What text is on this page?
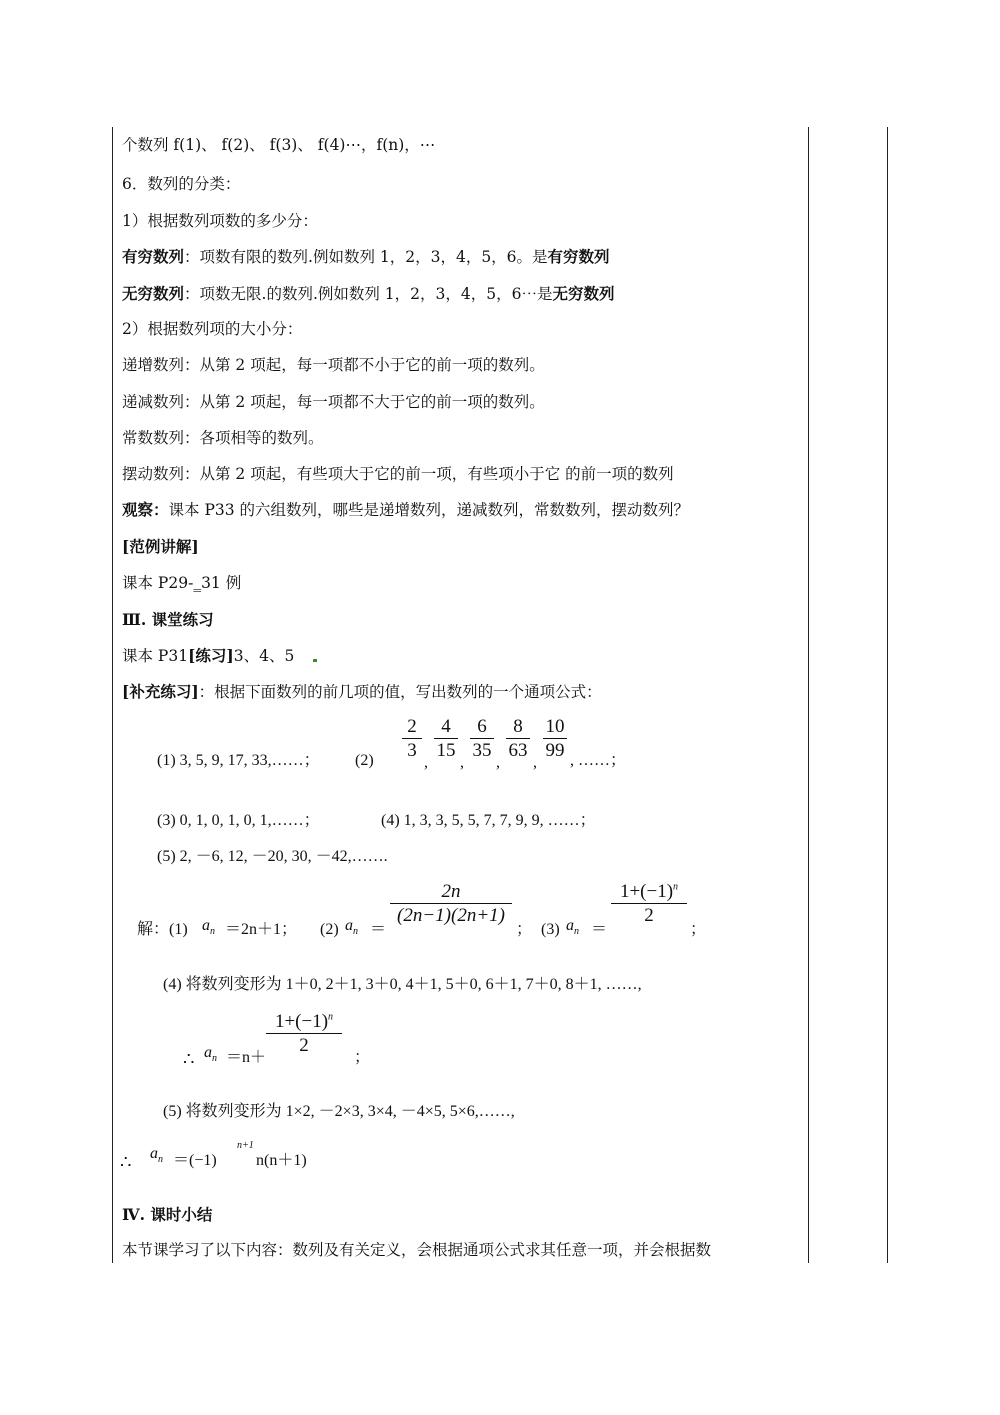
个数列 f(1)、 f(2)、 f(3)、 f(4)⋯，f(n)，⋯
6．数列的分类：
1）根据数列项数的多少分：
有穷数列：项数有限的数列.例如数列 1，2，3，4，5，6。是有穷数列
无穷数列：项数无限.的数列.例如数列 1，2，3，4，5，6⋯是无穷数列
2）根据数列项的大小分：
递增数列：从第 2 项起，每一项都不小于它的前一项的数列。
递减数列：从第 2 项起，每一项都不大于它的前一项的数列。
常数数列：各项相等的数列。
摆动数列：从第 2 项起，有些项大于它的前一项，有些项小于它 的前一项的数列
观察：课本 P33 的六组数列，哪些是递增数列，递减数列，常数数列，摆动数列？
[范例讲解]
课本 P29-‗31 例
Ⅲ. 课堂练习
课本 P31[练习]3、4、5
[补充练习]：根据下面数列的前几项的值，写出数列的一个通项公式：
(1) 3, 5, 9, 17, 33,……； (2)
2
3
,
4
15
,
6
35
,
8
63
,
10
99 , ……；
(3) 0, 1, 0, 1, 0, 1,……；	(4) 1, 3, 3, 5, 5, 7, 7, 9, 9, ……；
(5) 2, －6, 12, －20, 30, －42,…….
解：(1) $a_n =2n+1$； (2) $a_n$ ＝
2n
(2n−1)(2n+1)
； (3) $a_n$ ＝
$1+(-1)^n$
2
；
(4) 将数列变形为 1＋0, 2＋1, 3＋0, 4＋1, 5＋0, 6＋1, 7＋0, 8＋1, ……,
∴ $a_n =n+$
$1+(-1)^n$
2
；
(5) 将数列变形为 1×2, －2×3, 3×4, －4×5, 5×6,……,
∴ $a_n =(-1)$
n+1
n(n＋1)
Ⅳ. 课时小结
本节课学习了以下内容：数列及有关定义，会根据通项公式求其任意一项，并会根据数
